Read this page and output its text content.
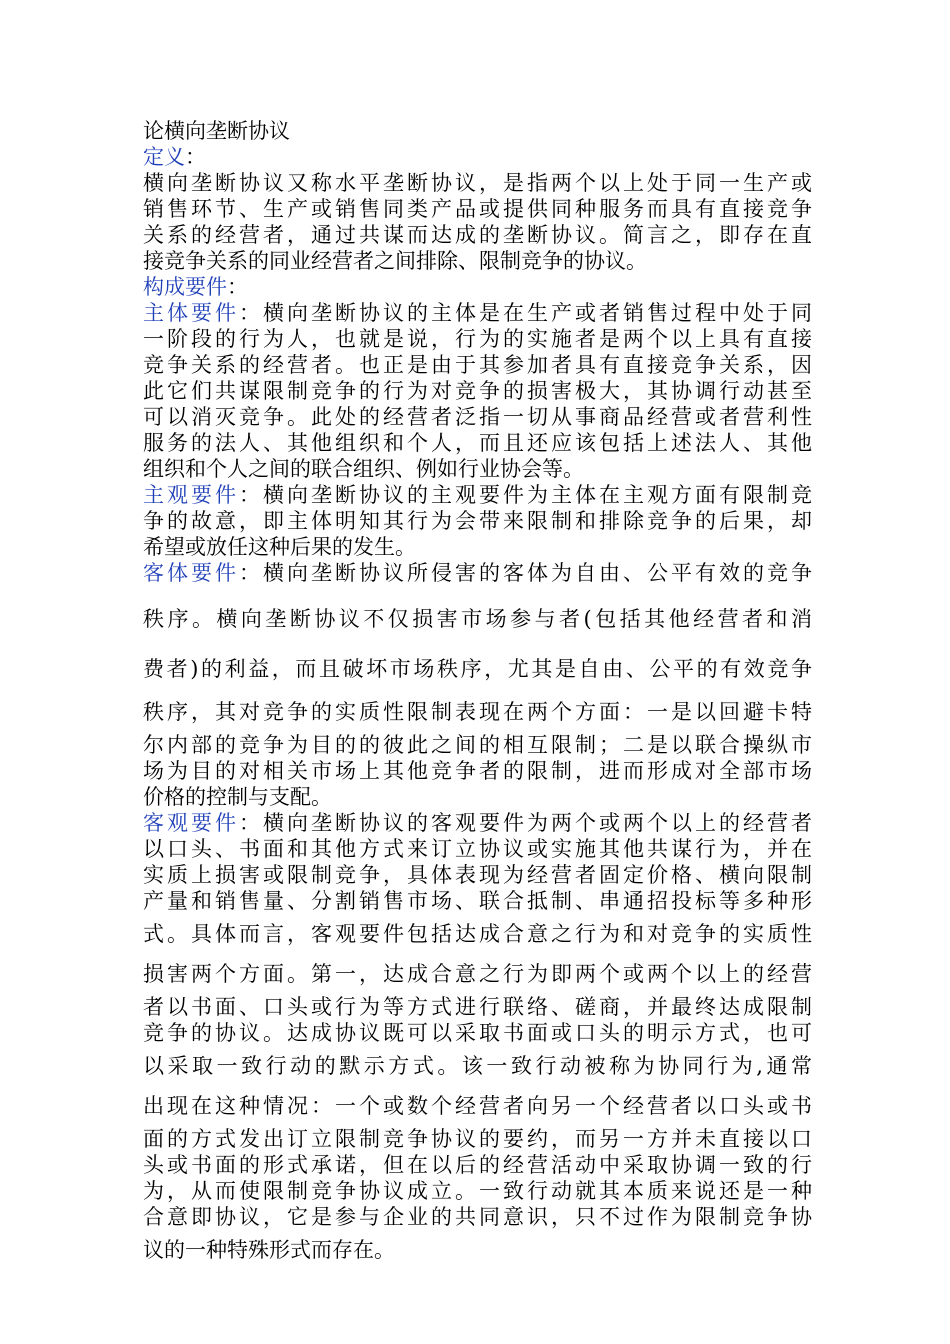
论横向垄断协议
定义：
横向垄断协议又称水平垄断协议，是指两个以上处于同一生产或
销售环节、生产或销售同类产品或提供同种服务而具有直接竞争
关系的经营者，通过共谋而达成的垄断协议。简言之，即存在直
接竞争关系的同业经营者之间排除、限制竞争的协议。
构成要件：
主体要件：横向垄断协议的主体是在生产或者销售过程中处于同
一阶段的行为人，也就是说，行为的实施者是两个以上具有直接
竞争关系的经营者。也正是由于其参加者具有直接竞争关系，因
此它们共谋限制竞争的行为对竞争的损害极大，其协调行动甚至
可以消灭竞争。此处的经营者泛指一切从事商品经营或者营利性
服务的法人、其他组织和个人，而且还应该包括上述法人、其他
组织和个人之间的联合组织、例如行业协会等。
主观要件：横向垄断协议的主观要件为主体在主观方面有限制竞
争的故意，即主体明知其行为会带来限制和排除竞争的后果，却
希望或放任这种后果的发生。
客体要件：横向垄断协议所侵害的客体为自由、公平有效的竞争
秩序。横向垄断协议不仅损害市场参与者(包括其他经营者和消
费者)的利益，而且破坏市场秩序，尤其是自由、公平的有效竞争
秩序，其对竞争的实质性限制表现在两个方面：一是以回避卡特
尔内部的竞争为目的的彼此之间的相互限制；二是以联合操纵市
场为目的对相关市场上其他竞争者的限制，进而形成对全部市场
价格的控制与支配。
客观要件：横向垄断协议的客观要件为两个或两个以上的经营者
以口头、书面和其他方式来订立协议或实施其他共谋行为，并在
实质上损害或限制竞争，具体表现为经营者固定价格、横向限制
产量和销售量、分割销售市场、联合抵制、串通招投标等多种形
式。具体而言，客观要件包括达成合意之行为和对竞争的实质性
损害两个方面。第一，达成合意之行为即两个或两个以上的经营
者以书面、口头或行为等方式进行联络、磋商，并最终达成限制
竞争的协议。达成协议既可以采取书面或口头的明示方式，也可
以采取一致行动的默示方式。该一致行动被称为协同行为,通常
出现在这种情况：一个或数个经营者向另一个经营者以口头或书
面的方式发出订立限制竞争协议的要约，而另一方并未直接以口
头或书面的形式承诺，但在以后的经营活动中采取协调一致的行
为，从而使限制竞争协议成立。一致行动就其本质来说还是一种
合意即协议，它是参与企业的共同意识，只不过作为限制竞争协
议的一种特殊形式而存在。
